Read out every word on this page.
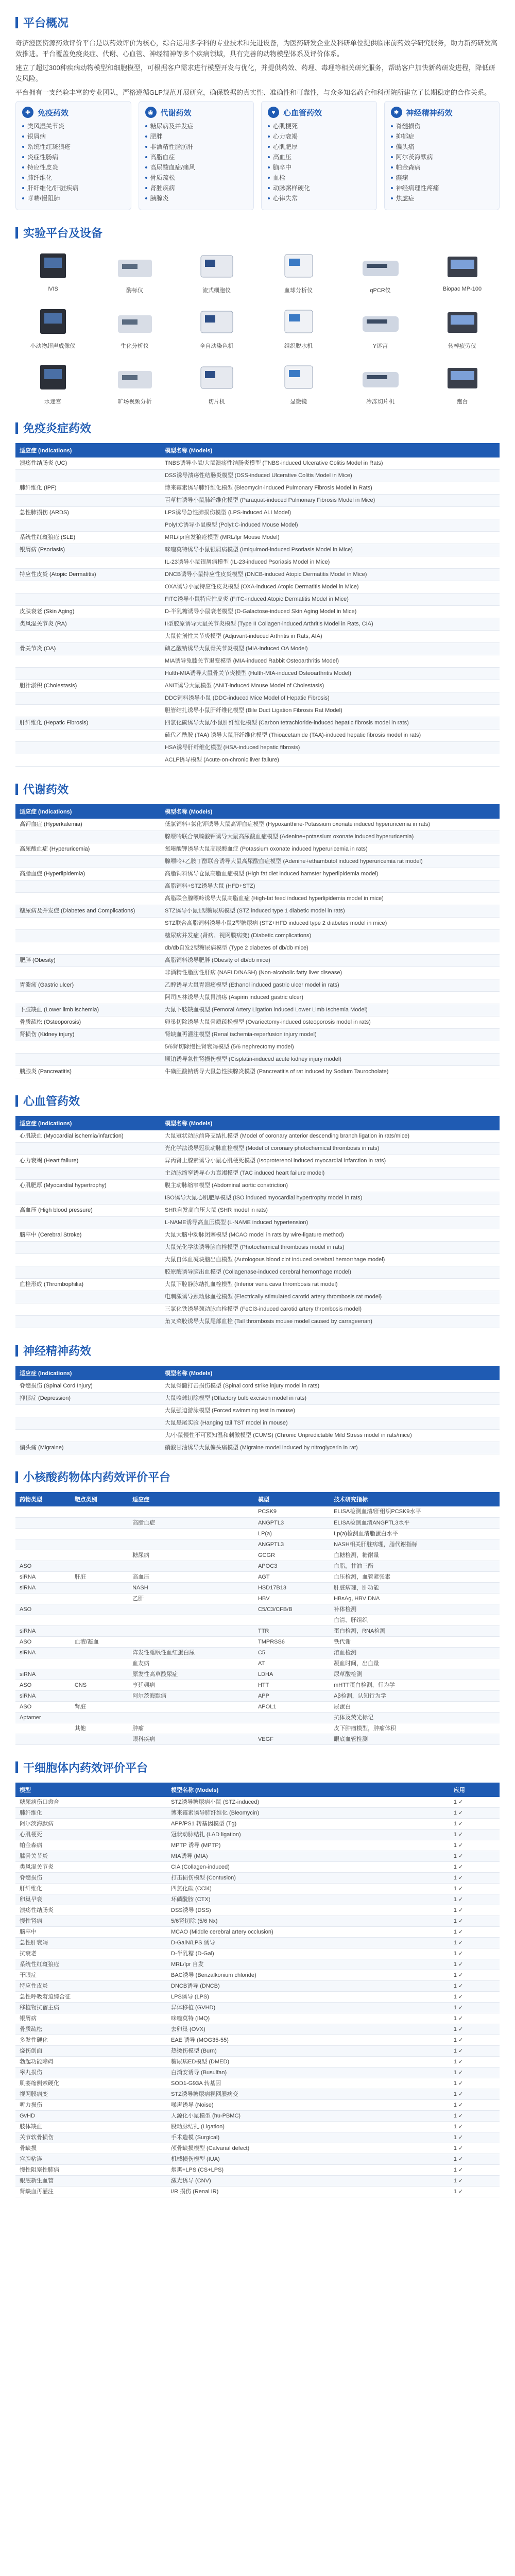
平台概况

奇济澄医资源药效评价平台是以药效评价为核心，综合运用多学科的专业技术和先进设备，为医药研发企业及科研单位提供临床前药效学研究服务，助力新药研发高效推进。平台覆盖免疫炎症、代谢、心血管、神经精神等多个疾病领域，具有完善的动物模型体系及评价体系。

建立了超过300种疾病动物模型和细胞模型，可根据客户需求进行模型开发与优化，并提供药效、药理、毒理等相关研究服务，帮助客户加快新药研发进程，降低研发风险。

平台拥有一支经验丰富的专业团队，严格遵循GLP规范开展研究，确保数据的真实性、准确性和可靠性，与众多知名药企和科研院所建立了长期稳定的合作关系。

✚ 免疫药效
类风湿关节炎
银屑病
系统性红斑狼疮
炎症性肠病
特应性皮炎
肺纤维化
肝纤维化/肝脏疾病
哮喘/慢阻肺
◉ 代谢药效
糖尿病及并发症
肥胖
非酒精性脂肪肝
高脂血症
高尿酸血症/痛风
骨质疏松
肾脏疾病
胰腺炎
♥	心血管药效
心肌梗死
心力衰竭
心肌肥厚
高血压
脑卒中
血栓
动脉粥样硬化
心律失常
✱ 神经精神药效
脊髓损伤
抑郁症
偏头痛
阿尔茨海默病
帕金森病
癫痫
神经病理性疼痛
焦虑症
实验平台及设备
IVIS	酶标仪	流式细胞仪	血球分析仪	qPCR仪	Biopac MP-100
小动物超声成像仪	生化分析仪	全自动染色机	组织脱水机	Y迷宫	转棒疲劳仪
水迷宫	旷场视频分析	切片机	显微镜	冷冻切片机	跑台
免疫炎症药效
适应症 (Indications)	模型名称 (Models)
溃疡性结肠炎 (UC)	TNBS诱导小鼠/大鼠溃疡性结肠炎模型 (TNBS-induced Ulcerative Colitis Model in Rats)
	DSS诱导溃疡性结肠炎模型 (DSS-induced Ulcerative Colitis Model in Mice)
肺纤维化 (IPF)	博来霉素诱导肺纤维化模型 (Bleomycin-induced Pulmonary Fibrosis Model in Rats)
	百草枯诱导小鼠肺纤维化模型 (Paraquat-induced Pulmonary Fibrosis Model in Mice)
急性肺损伤 (ARDS)	LPS诱导急性肺损伤模型 (LPS-induced ALI Model)
	PolyI:C诱导小鼠模型 (PolyI:C-induced Mouse Model)
系统性红斑狼疮 (SLE)	MRL/lpr自发狼疮模型 (MRL/lpr Mouse Model)
银屑病 (Psoriasis)	咪喹莫特诱导小鼠银屑病模型 (Imiquimod-induced Psoriasis Model in Mice)
	IL-23诱导小鼠银屑病模型 (IL-23-induced Psoriasis Model in Mice)
特应性皮炎 (Atopic Dermatitis)	DNCB诱导小鼠特应性皮炎模型 (DNCB-induced Atopic Dermatitis Model in Mice)
	OXA诱导小鼠特应性皮炎模型 (OXA-induced Atopic Dermatitis Model in Mice)
	FITC诱导小鼠特应性皮炎 (FITC-induced Atopic Dermatitis Model in Mice)
皮肤衰老 (Skin Aging)	D-半乳糖诱导小鼠衰老模型 (D-Galactose-induced Skin Aging Model in Mice)
类风湿关节炎 (RA)	II型胶原诱导大鼠关节炎模型 (Type II Collagen-induced Arthritis Model in Rats, CIA)
	大鼠佐剂性关节炎模型 (Adjuvant-induced Arthritis in Rats, AIA)
骨关节炎 (OA)	碘乙酸钠诱导大鼠骨关节炎模型 (MIA-induced OA Model)
	MIA诱导兔膝关节退变模型 (MIA-induced Rabbit Osteoarthritis Model)
	Hulth-MIA诱导大鼠骨关节炎模型 (Hulth-MIA-induced Osteoarthritis Model)
胆汁淤积 (Cholestasis)	ANIT诱导大鼠模型 (ANIT-induced Mouse Model of Cholestasis)
	DDC饲料诱导小鼠 (DDC-induced Mice Model of Hepatic Fibrosis)
	胆管结扎诱导小鼠肝纤维化模型 (Bile Duct Ligation Fibrosis Rat Model)
肝纤维化 (Hepatic Fibrosis)	四氯化碳诱导大鼠/小鼠肝纤维化模型 (Carbon tetrachloride-induced hepatic fibrosis model in rats)
	硫代乙酰胺 (TAA) 诱导大鼠肝纤维化模型 (Thioacetamide (TAA)-induced hepatic fibrosis model in rats)
	HSA诱导肝纤维化模型 (HSA-induced hepatic fibrosis)
	ACLF诱导模型 (Acute-on-chronic liver failure)
代谢药效
适应症 (Indications)	模型名称 (Models)
高钾血症 (Hyperkalemia)	低氯饲料+氯化钾诱导大鼠高钾血症模型 (Hypoxanthine-Potassium oxonate induced hyperuricemia in rats)
	腺嘌呤联合氧嗪酸钾诱导大鼠高尿酸血症模型 (Adenine+potassium oxonate induced hyperuricemia)
高尿酸血症 (Hyperuricemia)	氧嗪酸钾诱导大鼠高尿酸血症 (Potassium oxonate induced hyperuricemia in rats)
	腺嘌呤+乙胺丁醇联合诱导大鼠高尿酸血症模型 (Adenine+ethambutol induced hyperuricemia rat model)
高脂血症 (Hyperlipidemia)	高脂饲料诱导仓鼠高脂血症模型 (High fat diet induced hamster hyperlipidemia model)
	高脂饲料+STZ诱导大鼠 (HFD+STZ)
	高脂联合腺嘌呤诱导大鼠高脂血症 (High-fat feed induced hyperlipidemia model in mice)
糖尿病及并发症 (Diabetes and Complications)	STZ诱导小鼠1型糖尿病模型 (STZ induced type 1 diabetic model in rats)
	STZ联合高脂饲料诱导小鼠2型糖尿病 (STZ+HFD induced type 2 diabetes model in mice)
	糖尿病并发症 (肾病、视网膜病变) (Diabetic complications)
	db/db自发2型糖尿病模型 (Type 2 diabetes of db/db mice)
肥胖 (Obesity)	高脂饲料诱导肥胖 (Obesity of db/db mice)
	非酒精性脂肪性肝病 (NAFLD/NASH) (Non-alcoholic fatty liver disease)
胃溃疡 (Gastric ulcer)	乙醇诱导大鼠胃溃疡模型 (Ethanol induced gastric ulcer model in rats)
	阿司匹林诱导大鼠胃溃疡 (Aspirin induced gastric ulcer)
下肢缺血 (Lower limb ischemia)	大鼠下肢缺血模型 (Femoral Artery Ligation induced Lower Limb Ischemia Model)
骨质疏松 (Osteoporosis)	卵巢切除诱导大鼠骨质疏松模型 (Ovariectomy-induced osteoporosis model in rats)
肾损伤 (Kidney injury)	肾缺血再灌注模型 (Renal ischemia-reperfusion injury model)
	5/6肾切除慢性肾衰竭模型 (5/6 nephrectomy model)
	顺铂诱导急性肾损伤模型 (Cisplatin-induced acute kidney injury model)
胰腺炎 (Pancreatitis)	牛磺胆酸钠诱导大鼠急性胰腺炎模型 (Pancreatitis of rat induced by Sodium Taurocholate)
心血管药效
适应症 (Indications)	模型名称 (Models)
心肌缺血 (Myocardial ischemia/infarction)	大鼠冠状动脉前降支结扎模型 (Model of coronary anterior descending branch ligation in rats/mice)
	光化学法诱导冠状动脉血栓模型 (Model of coronary photochemical thrombosis in rats)
心力衰竭 (Heart failure)	异丙肾上腺素诱导小鼠心肌梗死模型 (Isoproterenol induced myocardial infarction in rats)
	主动脉缩窄诱导心力衰竭模型 (TAC induced heart failure model)
心肌肥厚 (Myocardial hypertrophy)	腹主动脉缩窄模型 (Abdominal aortic constriction)
	ISO诱导大鼠心肌肥厚模型 (ISO induced myocardial hypertrophy model in rats)
高血压 (High blood pressure)	SHR自发高血压大鼠 (SHR model in rats)
	L-NAME诱导高血压模型 (L-NAME induced hypertension)
脑卒中 (Cerebral Stroke)	大鼠大脑中动脉闭塞模型 (MCAO model in rats by wire-ligature method)
	大鼠光化学法诱导脑血栓模型 (Photochemical thrombosis model in rats)
	大鼠自体血凝块脑出血模型 (Autologous blood clot induced cerebral hemorrhage model)
	胶原酶诱导脑出血模型 (Collagenase-induced cerebral hemorrhage model)
血栓形成 (Thrombophilia)	大鼠下腔静脉结扎血栓模型 (Inferior vena cava thrombosis rat model)
	电刺激诱导颈动脉血栓模型 (Electrically stimulated carotid artery thrombosis rat model)
	三氯化铁诱导颈动脉血栓模型 (FeCl3-induced carotid artery thrombosis model)
	角叉菜胶诱导大鼠尾部血栓 (Tail thrombosis mouse model caused by carrageenan)
神经精神药效
适应症 (Indications)	模型名称 (Models)
脊髓损伤 (Spinal Cord Injury)	大鼠脊髓打击损伤模型 (Spinal cord strike injury model in rats)
抑郁症 (Depression)	大鼠嗅球切除模型 (Olfactory bulb excision model in rats)
	大鼠强迫游泳模型 (Forced swimming test in mouse)
	大鼠悬尾实验 (Hanging tail TST model in mouse)
	大/小鼠慢性不可预知温和刺激模型 (CUMS) (Chronic Unpredictable Mild Stress model in rats/mice)
偏头痛 (Migraine)	硝酸甘油诱导大鼠偏头痛模型 (Migraine model induced by nitroglycerin in rat)
小核酸药物体内药效评价平台
药物类型	靶点类别	适应症	模型	技术研究指标
			PCSK9	ELISA检测血清/肝组织PCSK9水平
		高脂血症	ANGPTL3	ELISA检测血清ANGPTL3水平
			LP(a)	Lp(a)检测血清脂蛋白水平
			ANGPTL3	NASH相关肝脏病理，脂代谢指标
		糖尿病	GCGR	血糖检测，糖耐量
ASO			APOC3	血脂，甘油三酯
siRNA	肝脏	高血压	AGT	血压检测，血管紧张素
siRNA		NASH	HSD17B13	肝脏病理，肝功能
		乙肝	HBV	HBsAg, HBV DNA
ASO			C5/C3/CFB/B	补体检测
				血清、肝组织
siRNA			TTR	蛋白检测，RNA检测
ASO	血液/凝血		TMPRSS6	铁代谢
siRNA		阵发性睡眠性血红蛋白尿	C5	溶血检测
		血友病	AT	凝血时间，出血量
siRNA		原发性高草酸尿症	LDHA	尿草酸检测
ASO	CNS	亨廷顿病	HTT	mHTT蛋白检测，行为学
siRNA		阿尔茨海默病	APP	Aβ检测，认知行为学
ASO	肾脏		APOL1	尿蛋白
Aptamer				抗体及荧光标记
	其他	肿瘤		皮下肿瘤模型，肿瘤体积
		眼科疾病	VEGF	眼底血管检测
干细胞体内药效评价平台
模型	模型名称 (Models)	应用
糖尿病伤口愈合	STZ诱导糖尿病小鼠 (STZ-induced)	1 ✓
肺纤维化	博来霉素诱导肺纤维化 (Bleomycin)	1 ✓
阿尔茨海默病	APP/PS1 转基因模型 (Tg)	1 ✓
心肌梗死	冠状动脉结扎 (LAD ligation)	1 ✓
帕金森病	MPTP 诱导 (MPTP)	1 ✓
膝骨关节炎	MIA诱导 (MIA)	1 ✓
类风湿关节炎	CIA (Collagen-induced)	1 ✓
脊髓损伤	打击损伤模型 (Contusion)	1 ✓
肝纤维化	四氯化碳 (CCl4)	1 ✓
卵巢早衰	环磷酰胺 (CTX)	1 ✓
溃疡性结肠炎	DSS诱导 (DSS)	1 ✓
慢性肾病	5/6肾切除 (5/6 Nx)	1 ✓
脑卒中	MCAO (Middle cerebral artery occlusion)	1 ✓
急性肝衰竭	D-GalN/LPS 诱导	1 ✓
抗衰老	D-半乳糖 (D-Gal)	1 ✓
系统性红斑狼疮	MRL/lpr 自发	1 ✓
干眼症	BAC诱导 (Benzalkonium chloride)	1 ✓
特应性皮炎	DNCB诱导 (DNCB)	1 ✓
急性呼吸窘迫综合征	LPS诱导 (LPS)	1 ✓
移植物抗宿主病	异体移植 (GVHD)	1 ✓
银屑病	咪喹莫特 (IMQ)	1 ✓
骨质疏松	去卵巢 (OVX)	1 ✓
多发性硬化	EAE 诱导 (MOG35-55)	1 ✓
烧伤创面	热烫伤模型 (Burn)	1 ✓
勃起功能障碍	糖尿病ED模型 (DMED)	1 ✓
睾丸损伤	白消安诱导 (Busulfan)	1 ✓
肌萎缩侧索硬化	SOD1-G93A 转基因	1 ✓
视网膜病变	STZ诱导糖尿病视网膜病变	1 ✓
听力损伤	噪声诱导 (Noise)	1 ✓
GvHD	人源化小鼠模型 (hu-PBMC)	1 ✓
肢体缺血	股动脉结扎 (Ligation)	1 ✓
关节软骨损伤	手术造模 (Surgical)	1 ✓
骨缺损	颅骨缺损模型 (Calvarial defect)	1 ✓
宫腔粘连	机械损伤模型 (IUA)	1 ✓
慢性阻塞性肺病	烟熏+LPS (CS+LPS)	1 ✓
眼底新生血管	激光诱导 (CNV)	1 ✓
肾缺血再灌注	I/R 损伤 (Renal IR)	1 ✓
